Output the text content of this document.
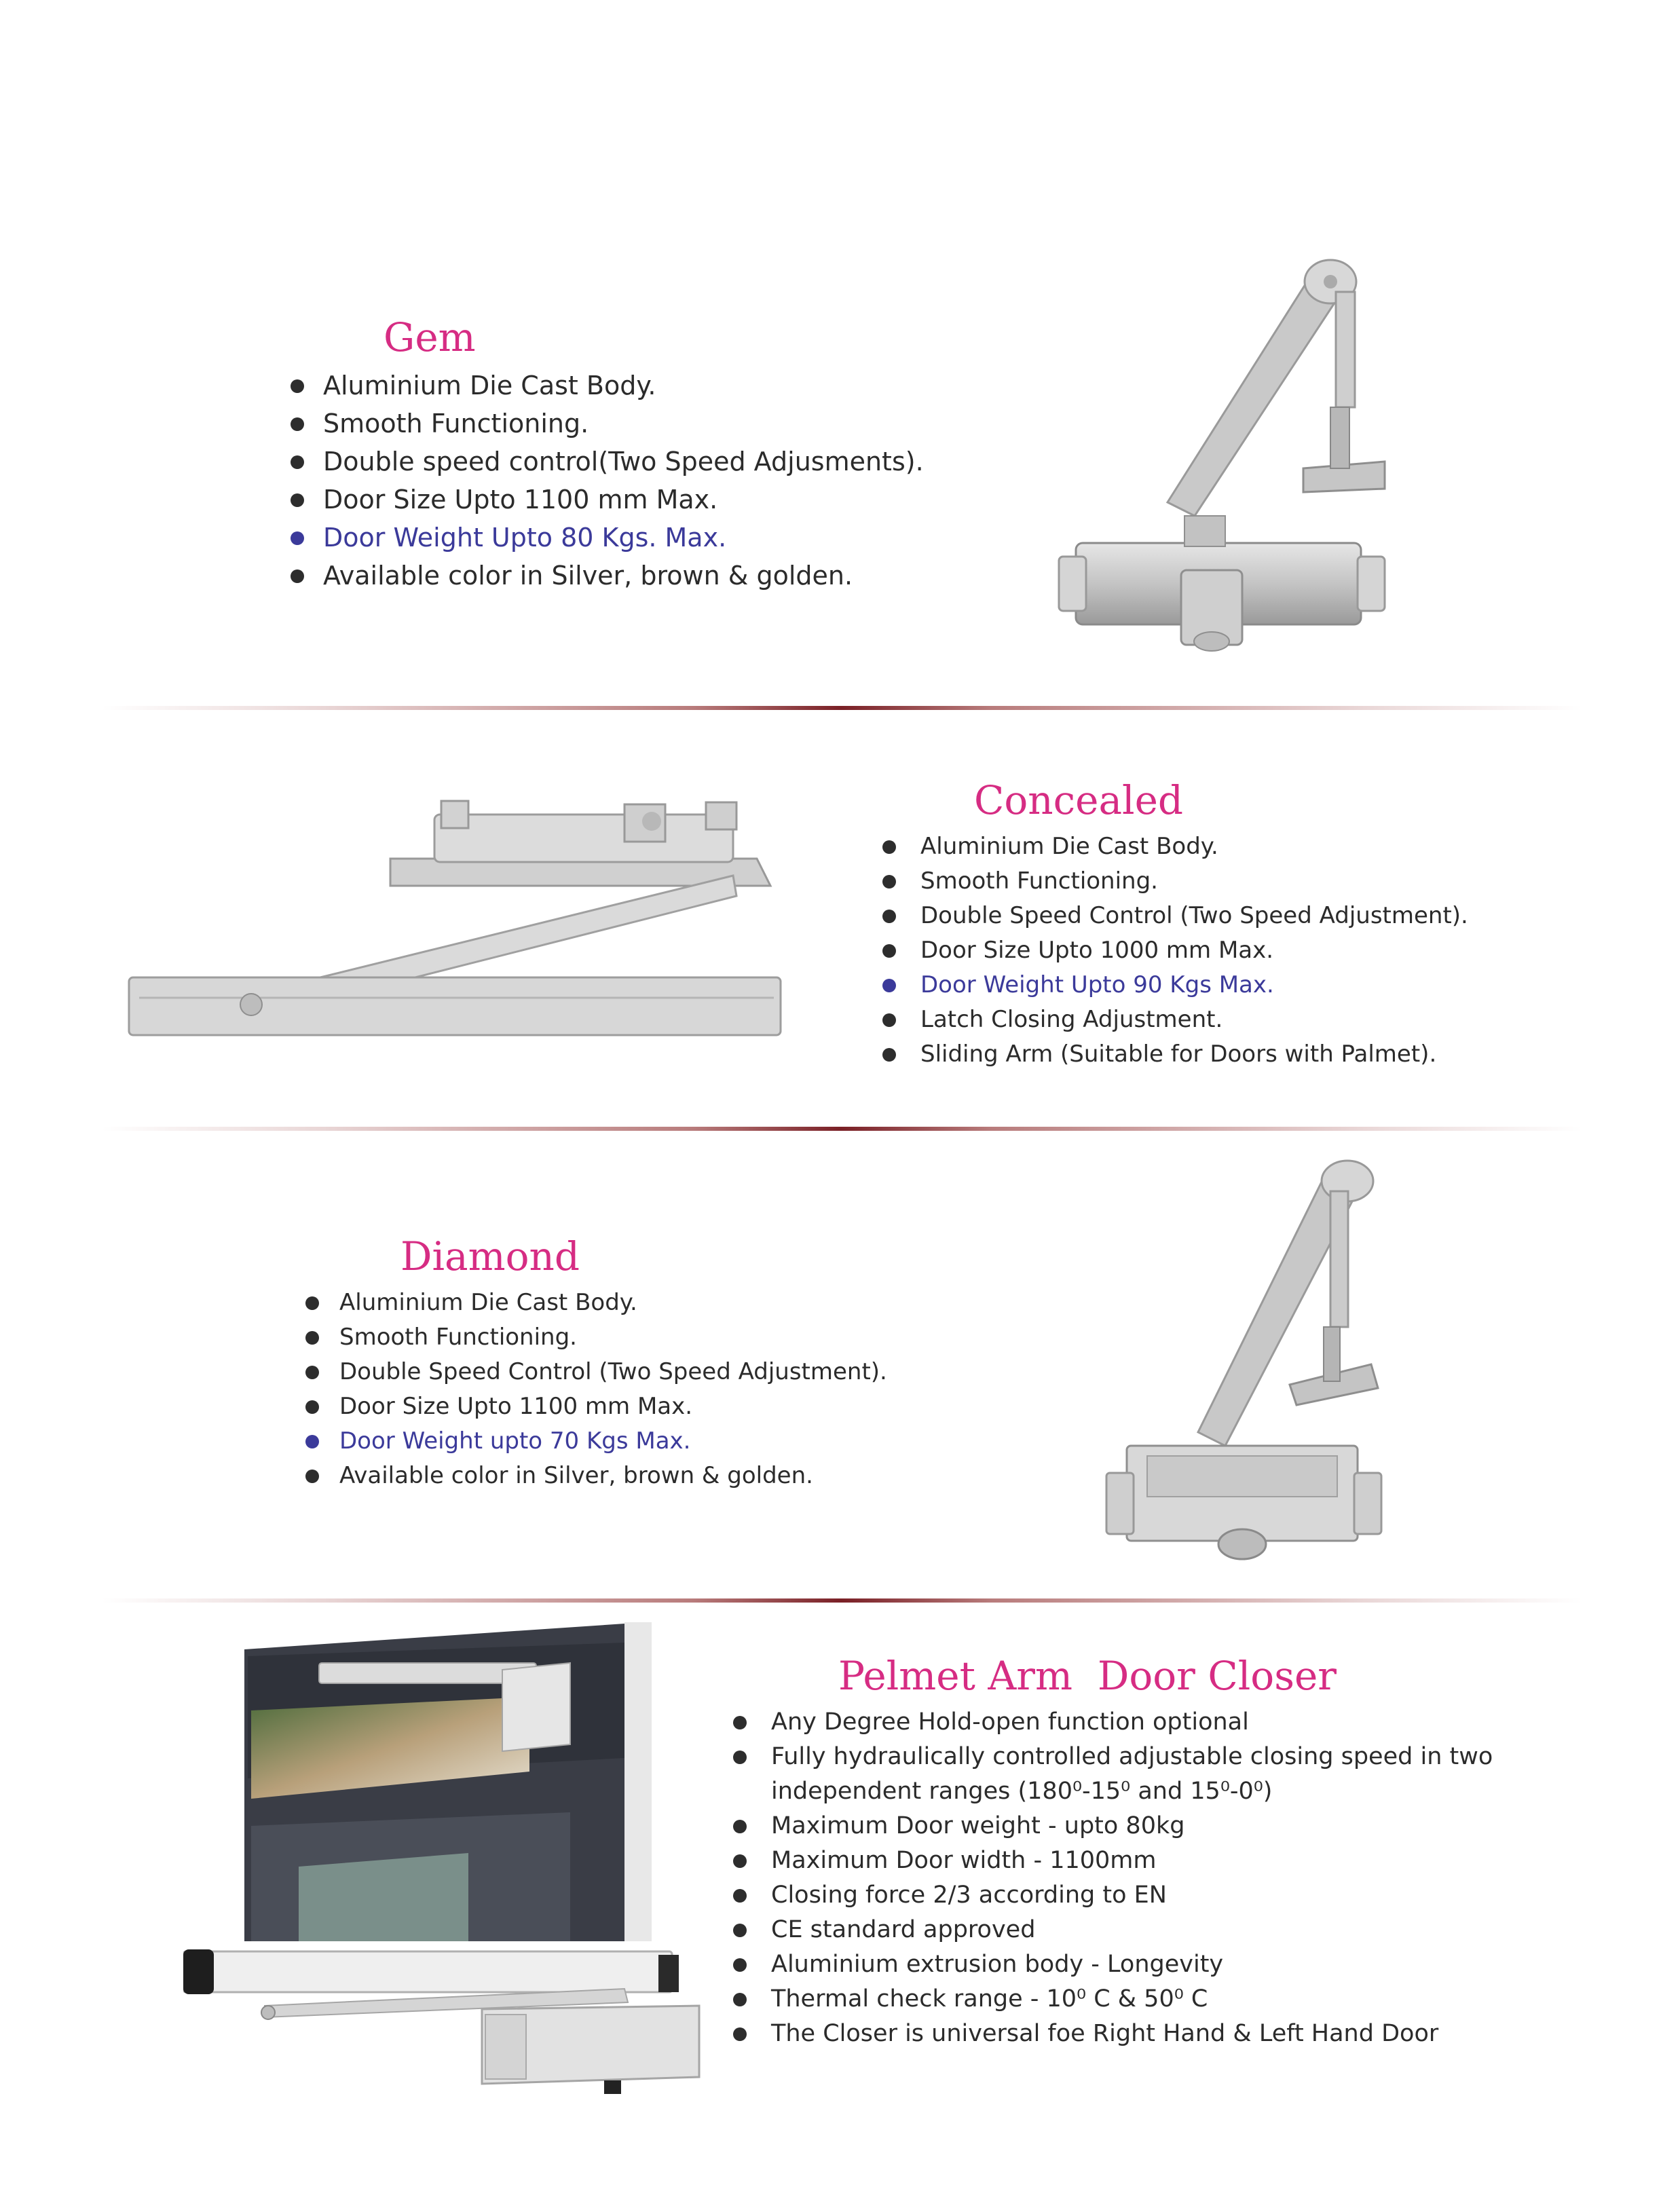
Gem
Aluminium Die Cast Body.
Smooth Functioning.
Double speed control(Two Speed Adjusments).
Door Size Upto 1100 mm Max.
Door Weight Upto 80 Kgs. Max.
Available color in Silver, brown & golden.
Concealed
Aluminium Die Cast Body.
Smooth Functioning.
Double Speed Control (Two Speed Adjustment).
Door Size Upto 1000 mm Max.
Door Weight Upto 90 Kgs Max.
Latch Closing Adjustment.
Sliding Arm (Suitable for Doors with Palmet).
Diamond
Aluminium Die Cast Body.
Smooth Functioning.
Double Speed Control (Two Speed Adjustment).
Door Size Upto 1100 mm Max.
Door Weight upto 70 Kgs Max.
Available color in Silver, brown & golden.
Pelmet Arm  Door Closer
Any Degree Hold-open function optional
Fully hydraulically controlled adjustable closing speed in two independent ranges (180⁰-15⁰ and 15⁰-0⁰)
Maximum Door weight - upto 80kg
Maximum Door width - 1100mm
Closing force 2/3 according to EN
CE standard approved
Aluminium extrusion body - Longevity
Thermal check range - 10⁰ C & 50⁰ C
The Closer is universal foe Right Hand & Left Hand Door
